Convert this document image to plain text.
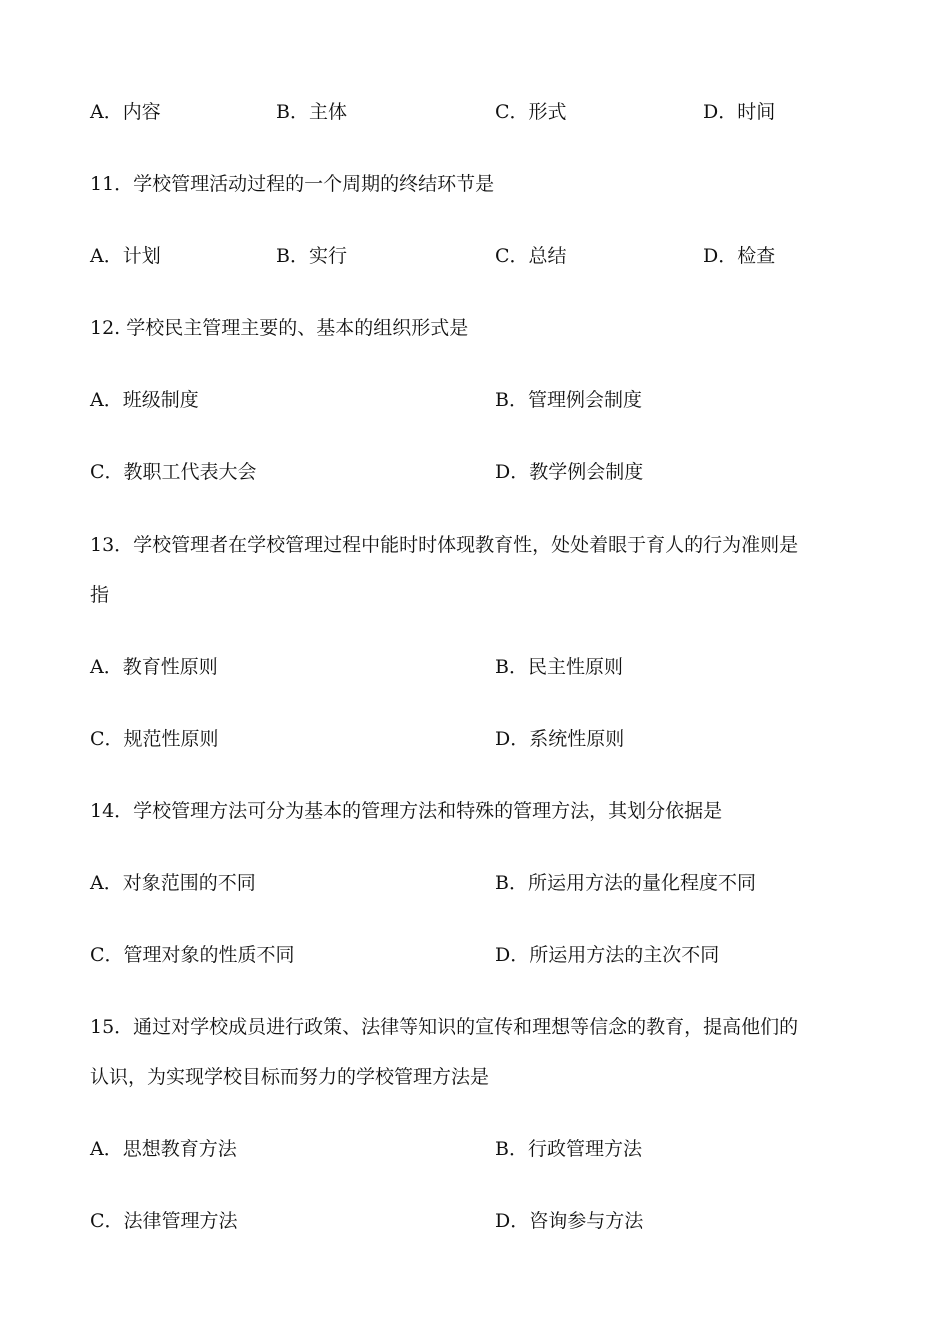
A．内容	B．主体	C．形式	D．时间
11．学校管理活动过程的一个周期的终结环节是
A．计划	B．实行	C．总结	D．检查
12. 学校民主管理主要的、基本的组织形式是
A．班级制度	B．管理例会制度
C．教职工代表大会	D．教学例会制度
13．学校管理者在学校管理过程中能时时体现教育性，处处着眼于育人的行为准则是
指
A．教育性原则	B．民主性原则
C．规范性原则	D．系统性原则
14．学校管理方法可分为基本的管理方法和特殊的管理方法，其划分依据是
A．对象范围的不同	B．所运用方法的量化程度不同
C．管理对象的性质不同	D．所运用方法的主次不同
15．通过对学校成员进行政策、法律等知识的宣传和理想等信念的教育，提高他们的
认识，为实现学校目标而努力的学校管理方法是
A．思想教育方法	B．行政管理方法
C．法律管理方法	D．咨询参与方法
